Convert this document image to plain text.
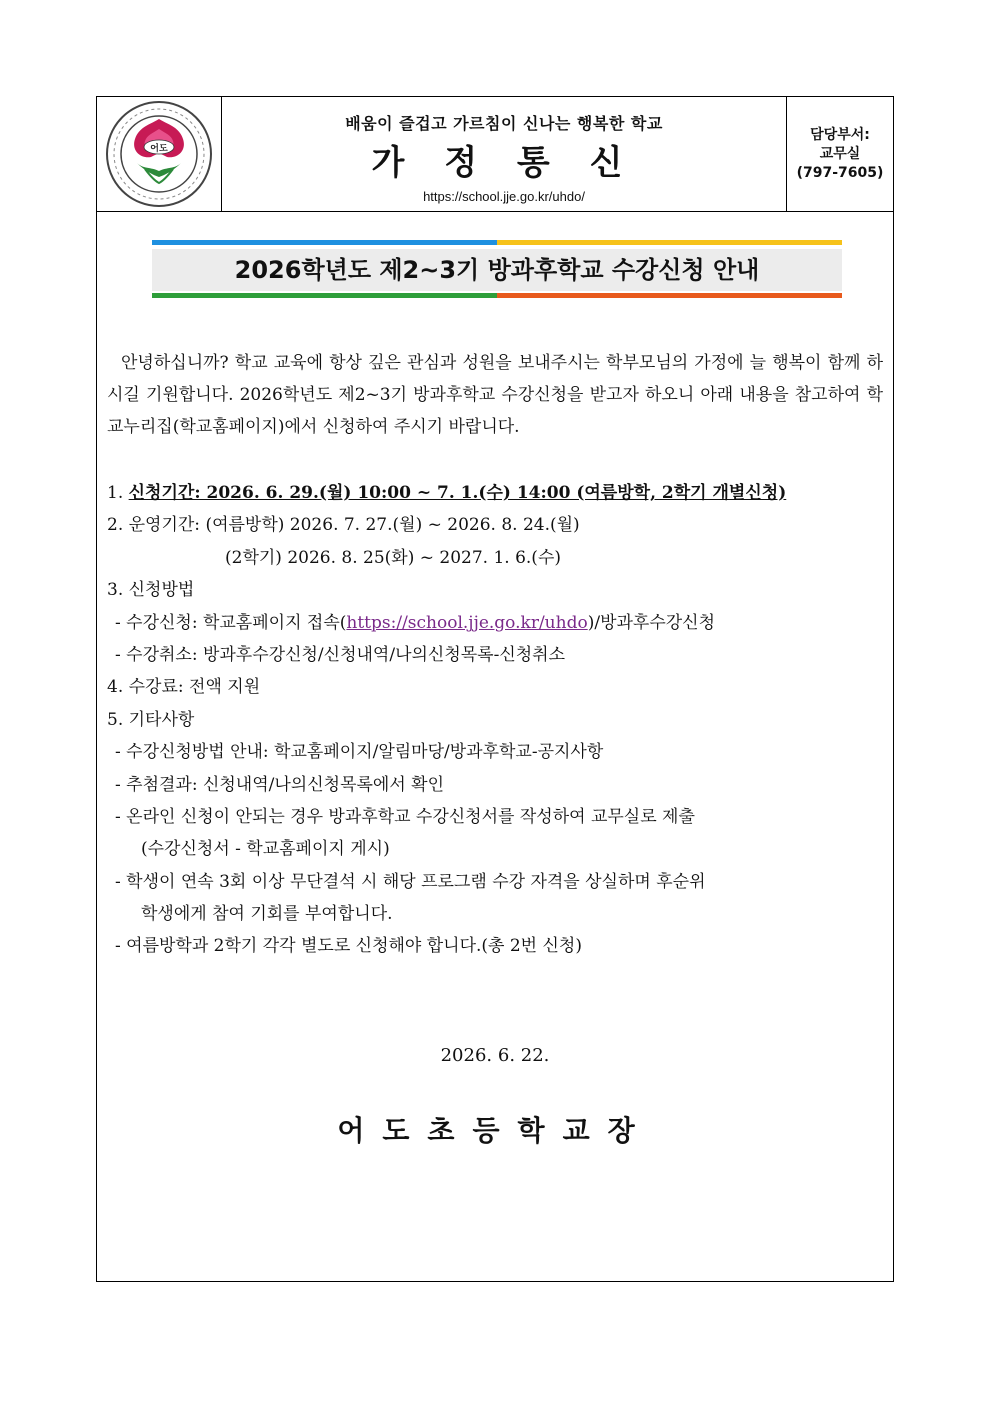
어도
배움이 즐겁고 가르침이 신나는 행복한 학교
가 정 통 신
https://school.jje.go.kr/uhdo/
담당부서:
교무실
(797-7605)
2026학년도 제2~3기 방과후학교 수강신청 안내
안녕하십니까? 학교 교육에 항상 깊은 관심과 성원을 보내주시는 학부모님의 가정에 늘 행복이 함께 하시길 기원합니다. 2026학년도 제2~3기 방과후학교 수강신청을 받고자 하오니 아래 내용을 참고하여 학교누리집(학교홈페이지)에서 신청하여 주시기 바랍니다.
1. 신청기간: 2026. 6. 29.(월) 10:00 ~ 7. 1.(수) 14:00 (여름방학, 2학기 개별신청)
2. 운영기간: (여름방학) 2026. 7. 27.(월) ~ 2026. 8. 24.(월)
(2학기) 2026. 8. 25(화) ~ 2027. 1. 6.(수)
3. 신청방법
- 수강신청: 학교홈페이지 접속(https://school.jje.go.kr/uhdo)/방과후수강신청
- 수강취소: 방과후수강신청/신청내역/나의신청목록-신청취소
4. 수강료: 전액 지원
5. 기타사항
- 수강신청방법 안내: 학교홈페이지/알림마당/방과후학교-공지사항
- 추첨결과: 신청내역/나의신청목록에서 확인
- 온라인 신청이 안되는 경우 방과후학교 수강신청서를 작성하여 교무실로 제출
(수강신청서 - 학교홈페이지 게시)
- 학생이 연속 3회 이상 무단결석 시 해당 프로그램 수강 자격을 상실하며 후순위
학생에게 참여 기회를 부여합니다.
- 여름방학과 2학기 각각 별도로 신청해야 합니다.(총 2번 신청)
2026. 6. 22.
어도초등학교장
